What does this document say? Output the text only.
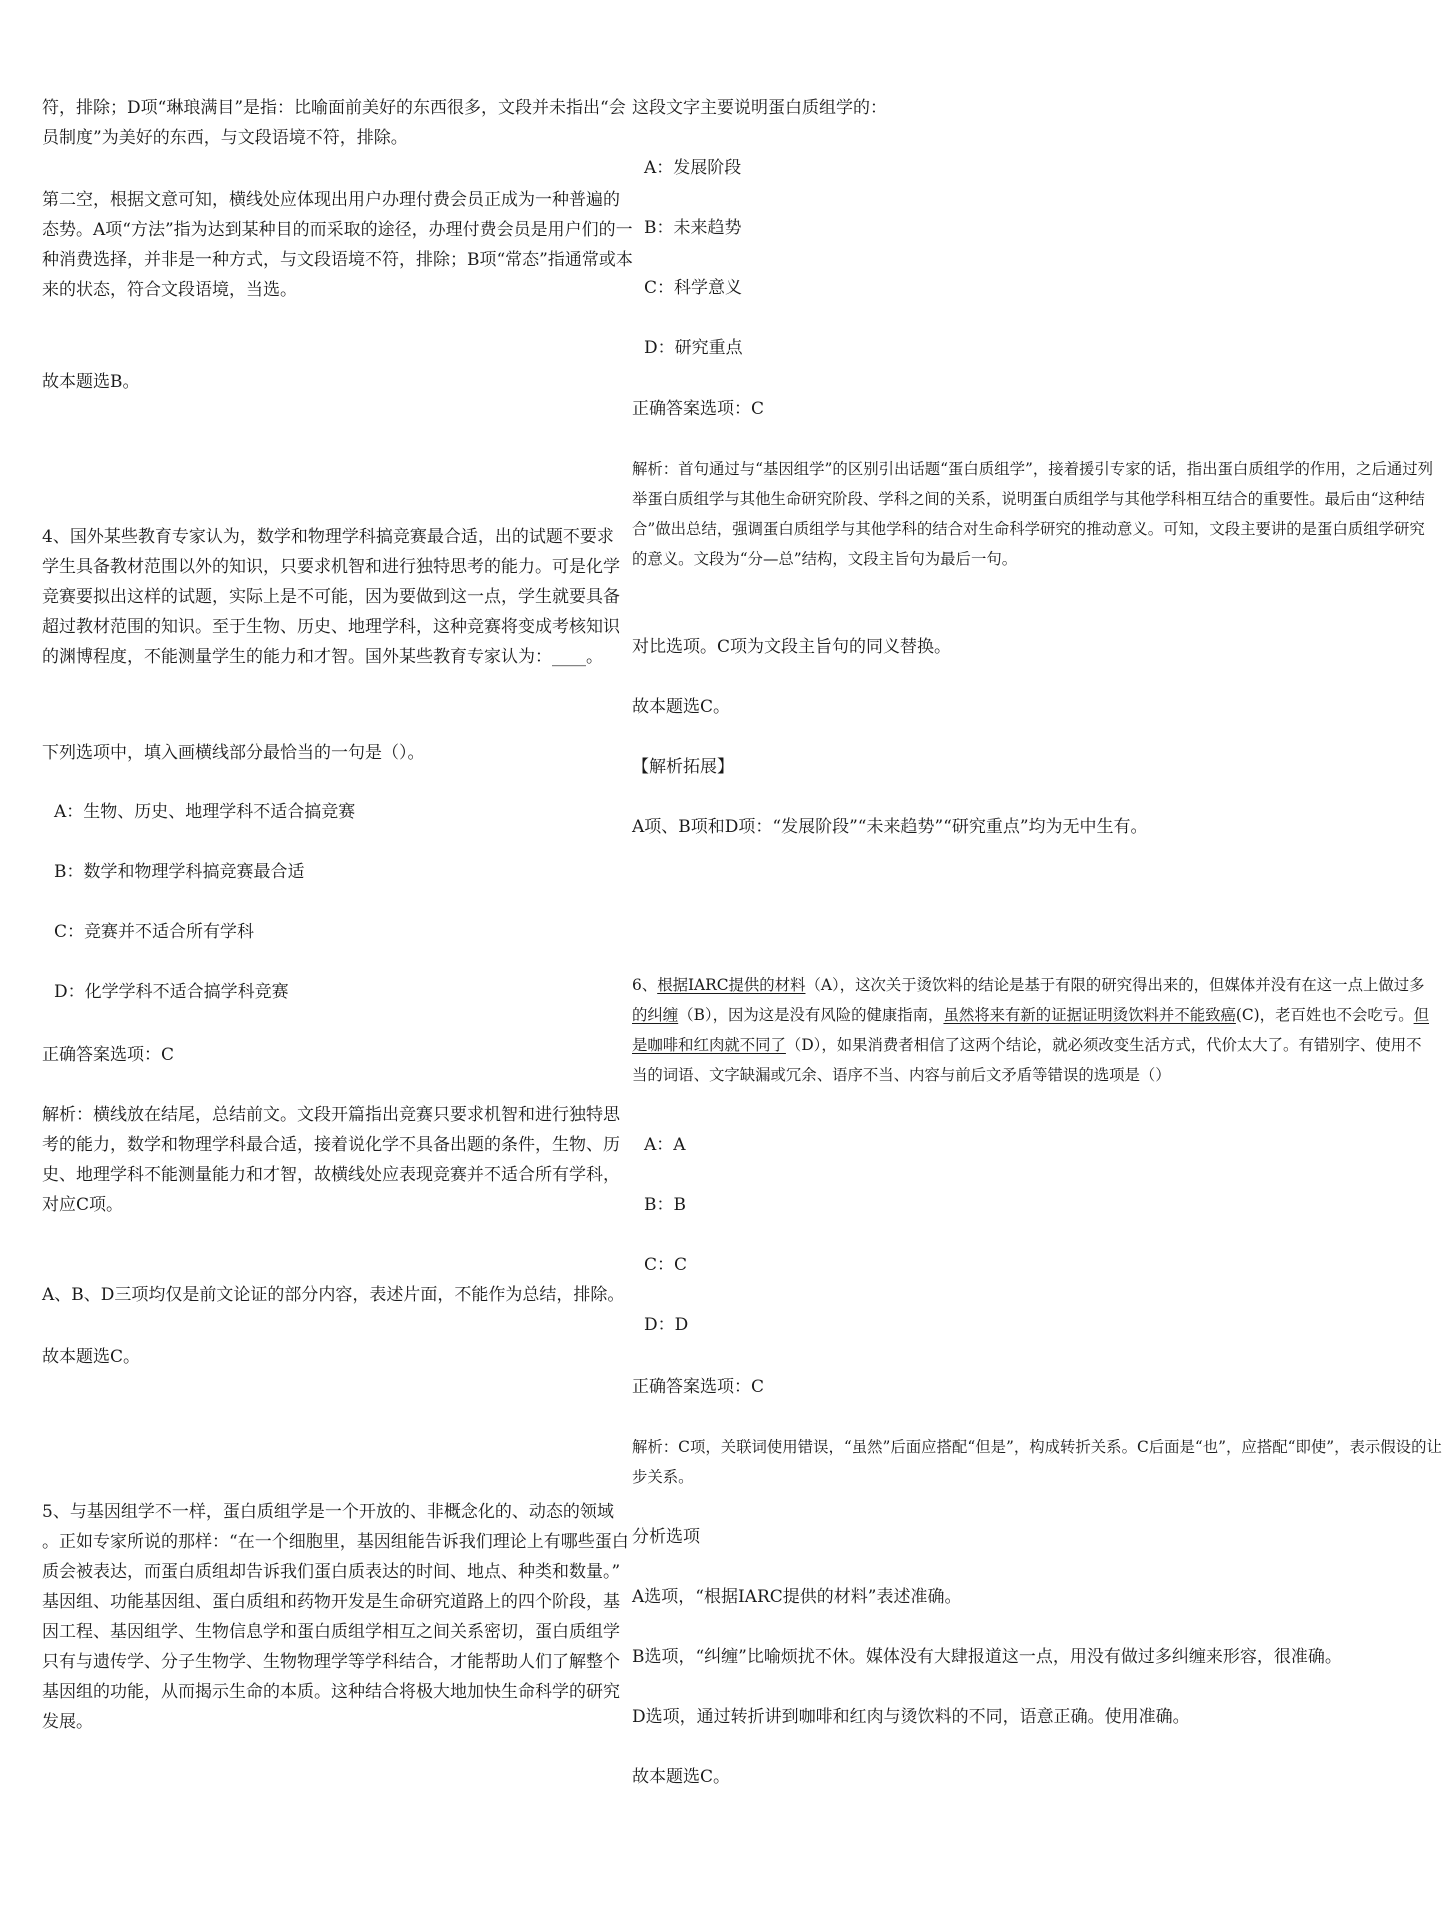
符，排除；D项“琳琅满目”是指：比喻面前美好的东西很多，文段并未指出“会
员制度”为美好的东西，与文段语境不符，排除。
第二空，根据文意可知，横线处应体现出用户办理付费会员正成为一种普遍的
态势。A项“方法”指为达到某种目的而采取的途径，办理付费会员是用户们的一
种消费选择，并非是一种方式，与文段语境不符，排除；B项“常态”指通常或本
来的状态，符合文段语境，当选。
故本题选B。
4、国外某些教育专家认为，数学和物理学科搞竞赛最合适，出的试题不要求
学生具备教材范围以外的知识，只要求机智和进行独特思考的能力。可是化学
竞赛要拟出这样的试题，实际上是不可能，因为要做到这一点，学生就要具备
超过教材范围的知识。至于生物、历史、地理学科，这种竞赛将变成考核知识
的渊博程度，不能测量学生的能力和才智。国外某些教育专家认为：____。
下列选项中，填入画横线部分最恰当的一句是（）。
A：生物、历史、地理学科不适合搞竞赛
B：数学和物理学科搞竞赛最合适
C：竞赛并不适合所有学科
D：化学学科不适合搞学科竞赛
正确答案选项：C
解析：横线放在结尾，总结前文。文段开篇指出竞赛只要求机智和进行独特思
考的能力，数学和物理学科最合适，接着说化学不具备出题的条件，生物、历
史、地理学科不能测量能力和才智，故横线处应表现竞赛并不适合所有学科，
对应C项。
A、B、D三项均仅是前文论证的部分内容，表述片面，不能作为总结，排除。
故本题选C。
5、与基因组学不一样，蛋白质组学是一个开放的、非概念化的、动态的领域
。正如专家所说的那样：“在一个细胞里，基因组能告诉我们理论上有哪些蛋白
质会被表达，而蛋白质组却告诉我们蛋白质表达的时间、地点、种类和数量。”
基因组、功能基因组、蛋白质组和药物开发是生命研究道路上的四个阶段，基
因工程、基因组学、生物信息学和蛋白质组学相互之间关系密切，蛋白质组学
只有与遗传学、分子生物学、生物物理学等学科结合，才能帮助人们了解整个
基因组的功能，从而揭示生命的本质。这种结合将极大地加快生命科学的研究
发展。
这段文字主要说明蛋白质组学的：
A：发展阶段
B：未来趋势
C：科学意义
D：研究重点
正确答案选项：C
解析：首句通过与“基因组学”的区别引出话题“蛋白质组学”，接着援引专家的话，指出蛋白质组学的作用，之后通过列
举蛋白质组学与其他生命研究阶段、学科之间的关系，说明蛋白质组学与其他学科相互结合的重要性。最后由“这种结
合”做出总结，强调蛋白质组学与其他学科的结合对生命科学研究的推动意义。可知，文段主要讲的是蛋白质组学研究
的意义。文段为“分—总”结构，文段主旨句为最后一句。
对比选项。C项为文段主旨句的同义替换。
故本题选C。
【解析拓展】
A项、B项和D项：“发展阶段”“未来趋势”“研究重点”均为无中生有。
6、根据IARC提供的材料（A），这次关于烫饮料的结论是基于有限的研究得出来的，但媒体并没有在这一点上做过多
的纠缠（B），因为这是没有风险的健康指南，虽然将来有新的证据证明烫饮料并不能致癌(C)，老百姓也不会吃亏。但
是咖啡和红肉就不同了（D），如果消费者相信了这两个结论，就必须改变生活方式，代价太大了。有错别字、使用不
当的词语、文字缺漏或冗余、语序不当、内容与前后文矛盾等错误的选项是（）
A：A
B：B
C：C
D：D
正确答案选项：C
解析：C项，关联词使用错误，“虽然”后面应搭配“但是”，构成转折关系。C后面是“也”，应搭配“即使”，表示假设的让
步关系。
分析选项
A选项，“根据IARC提供的材料”表述准确。
B选项，“纠缠”比喻烦扰不休。媒体没有大肆报道这一点，用没有做过多纠缠来形容，很准确。
D选项，通过转折讲到咖啡和红肉与烫饮料的不同，语意正确。使用准确。
故本题选C。
